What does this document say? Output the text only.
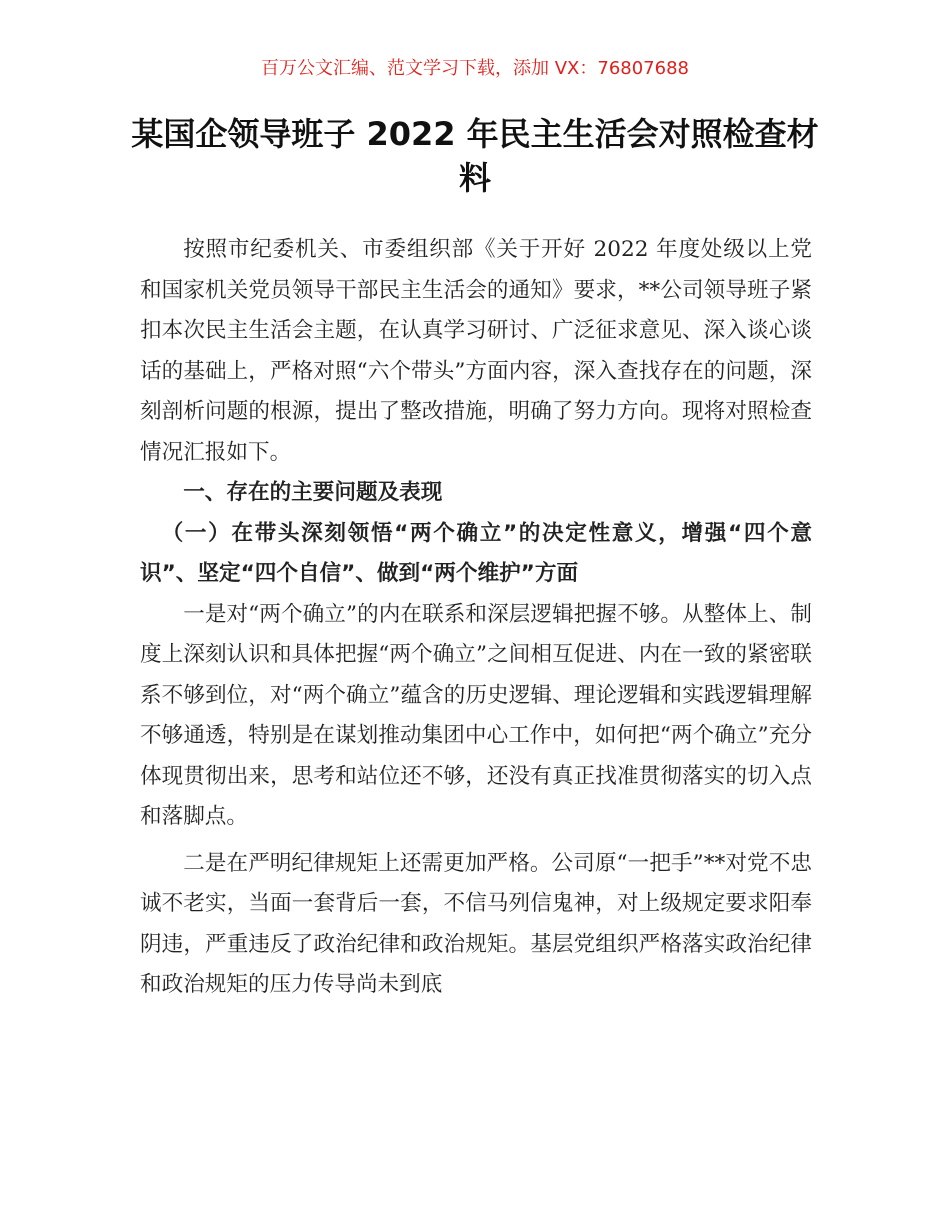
百万公文汇编、范文学习下载，添加 VX：76807688
某国企领导班子 2022 年民主生活会对照检查材料

按照市纪委机关、市委组织部《关于开好 2022 年度处级以上党和国家机关党员领导干部民主生活会的通知》要求，**公司领导班子紧扣本次民主生活会主题，在认真学习研讨、广泛征求意见、深入谈心谈话的基础上，严格对照“六个带头”方面内容，深入查找存在的问题，深刻剖析问题的根源，提出了整改措施，明确了努力方向。现将对照检查情况汇报如下。

一、存在的主要问题及表现
（一）在带头深刻领悟“两个确立”的决定性意义，增强“四个意识”、坚定“四个自信”、做到“两个维护”方面

一是对“两个确立”的内在联系和深层逻辑把握不够。从整体上、制度上深刻认识和具体把握“两个确立”之间相互促进、内在一致的紧密联系不够到位，对“两个确立”蕴含的历史逻辑、理论逻辑和实践逻辑理解不够通透，特别是在谋划推动集团中心工作中，如何把“两个确立”充分体现贯彻出来，思考和站位还不够，还没有真正找准贯彻落实的切入点和落脚点。

二是在严明纪律规矩上还需更加严格。公司原“一把手”**对党不忠诚不老实，当面一套背后一套，不信马列信鬼神，对上级规定要求阳奉阴违，严重违反了政治纪律和政治规矩。基层党组织严格落实政治纪律和政治规矩的压力传导尚未到底
